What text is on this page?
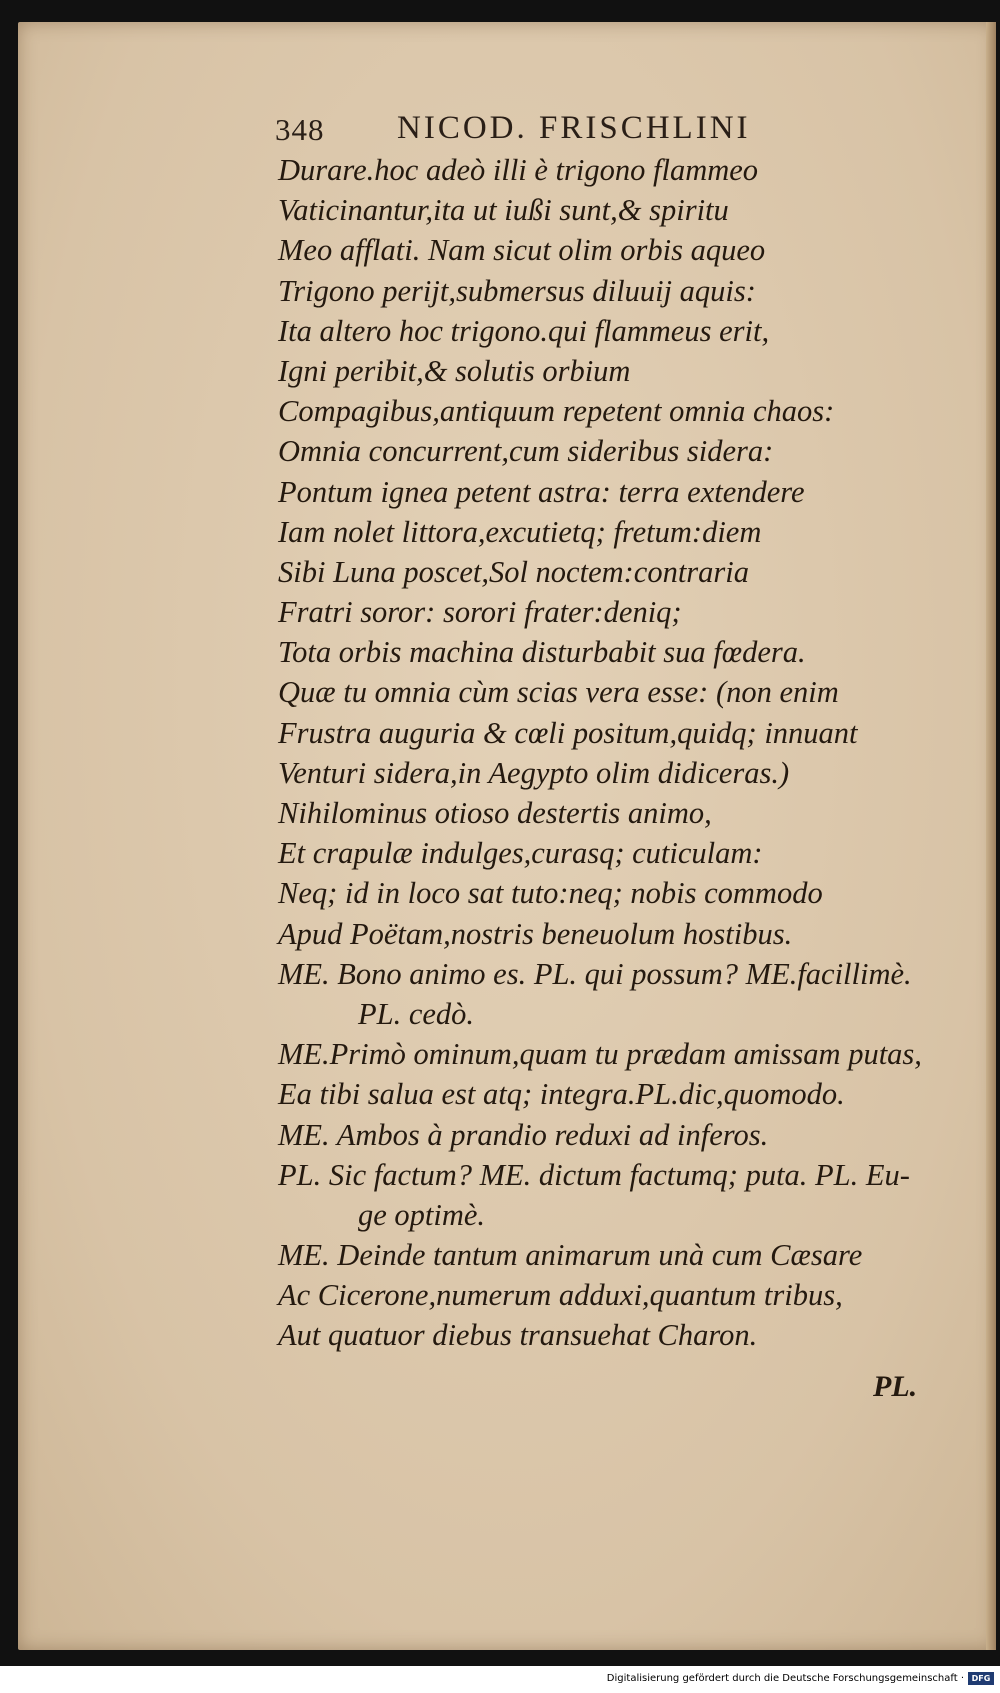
348 NICOD. FRISCHLINI
Durare.hoc adeò illi è trigono flammeo
Vaticinantur,ita ut iußi sunt,& spiritu
Meo afflati. Nam sicut olim orbis aqueo
Trigono perijt,submersus diluuij aquis:
Ita altero hoc trigono.qui flammeus erit,
Igni peribit,& solutis orbium
Compagibus,antiquum repetent omnia chaos:
Omnia concurrent,cum sideribus sidera:
Pontum ignea petent astra: terra extendere
Iam nolet littora,excutietq; fretum:diem
Sibi Luna poscet,Sol noctem:contraria
Fratri soror: sorori frater:deniq;
Tota orbis machina disturbabit sua fœdera.
Quæ tu omnia cùm scias vera esse: (non enim
Frustra auguria & cœli positum,quidq; innuant
Venturi sidera,in Aegypto olim didiceras.)
Nihilominus otioso destertis animo,
Et crapulæ indulges,curasq; cuticulam:
Neq; id in loco sat tuto:neq; nobis commodo
Apud Poëtam,nostris beneuolum hostibus.
ME. Bono animo es. PL. qui possum? ME.facillimè.
PL. cedò.
ME.Primò ominum,quam tu prædam amissam putas,
Ea tibi salua est atq; integra.PL.dic,quomodo.
ME. Ambos à prandio reduxi ad inferos.
PL. Sic factum? ME. dictum factumq; puta. PL. Eu-
ge optimè.
ME. Deinde tantum animarum unà cum Cæsare
Ac Cicerone,numerum adduxi,quantum tribus,
Aut quatuor diebus transuehat Charon.
PL.
Digitalisierung gefördert durch die Deutsche Forschungsgemeinschaft · DFG
